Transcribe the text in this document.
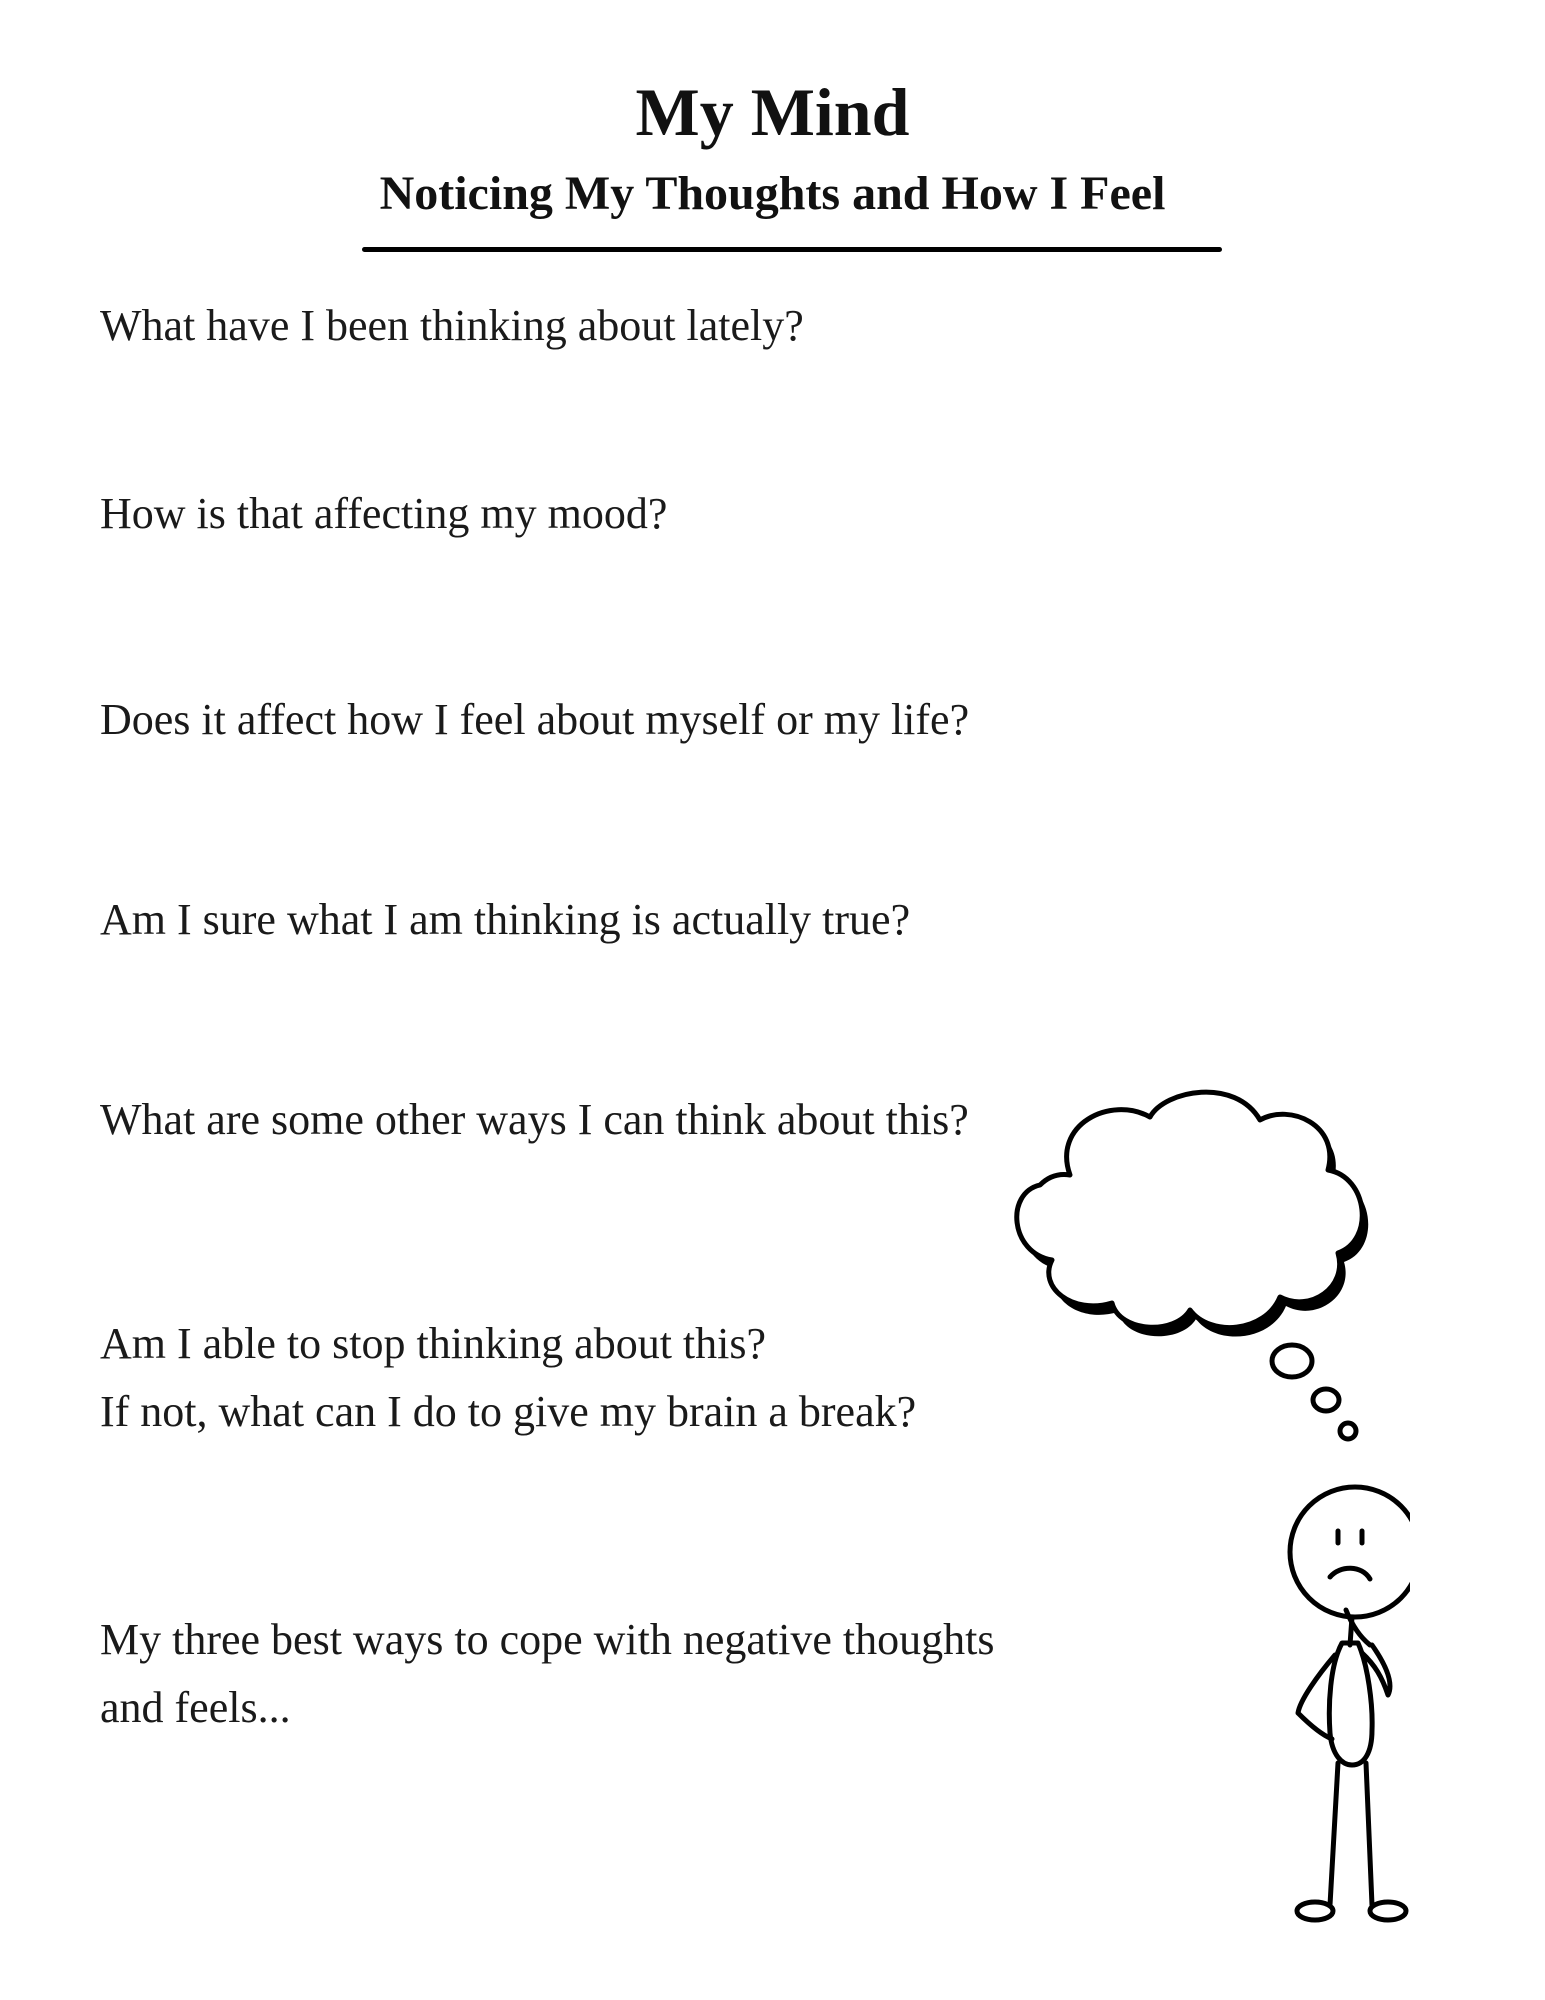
My Mind
Noticing My Thoughts and How I Feel
What have I been thinking about lately?
How is that affecting my mood?
Does it affect how I feel about myself or my life?
Am I sure what I am thinking is actually true?
What are some other ways I can think about this?
Am I able to stop thinking about this?
If not, what can I do to give my brain a break?
My three best ways to cope with negative thoughts
and feels...
